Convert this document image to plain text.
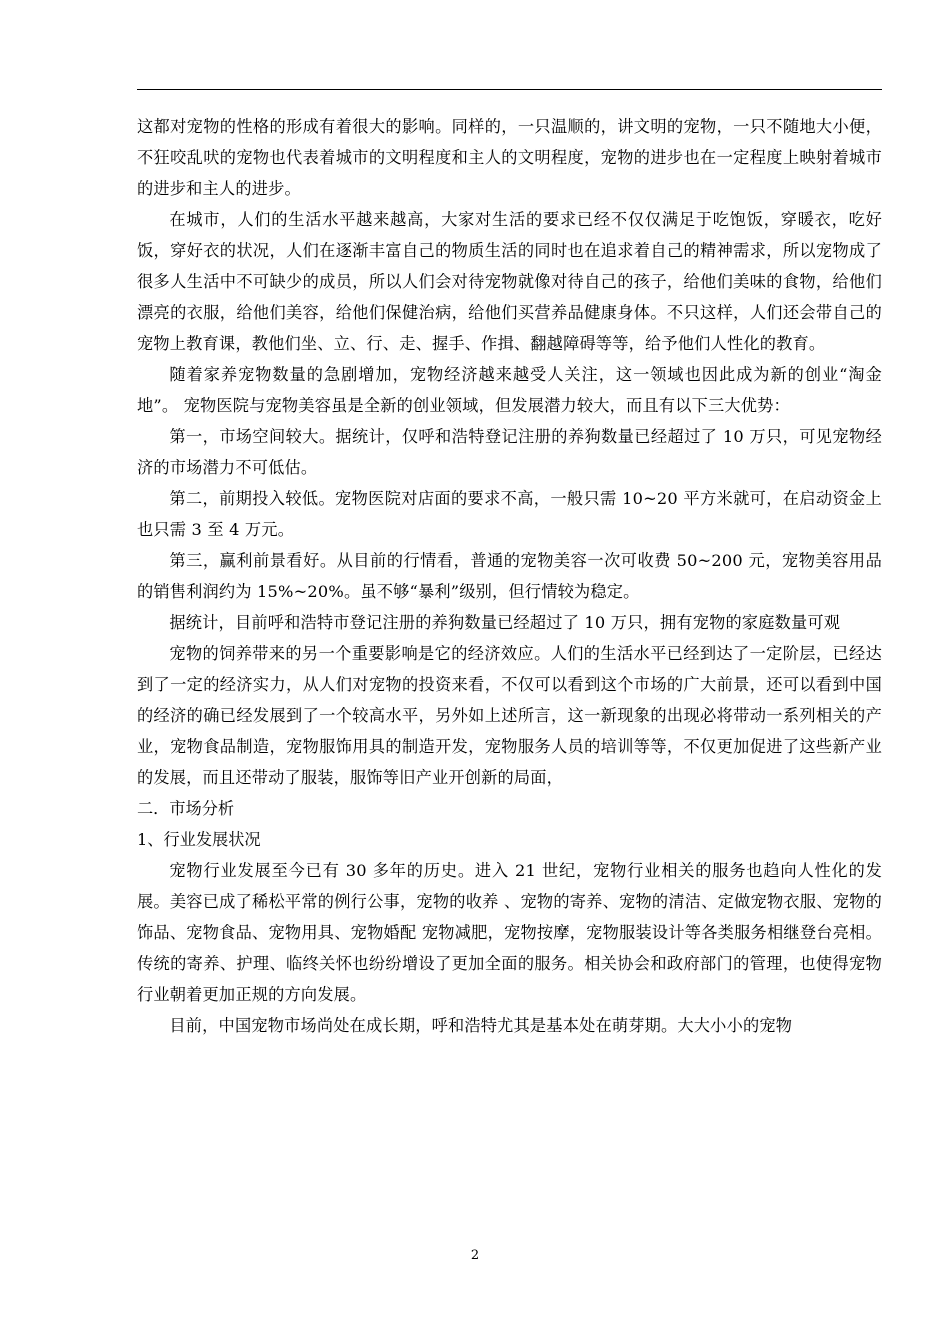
这都对宠物的性格的形成有着很大的影响。同样的，一只温顺的，讲文明的宠物，一只不随地大小便，不狂咬乱吠的宠物也代表着城市的文明程度和主人的文明程度，宠物的进步也在一定程度上映射着城市的进步和主人的进步。

在城市，人们的生活水平越来越高，大家对生活的要求已经不仅仅满足于吃饱饭，穿暖衣，吃好饭，穿好衣的状况，人们在逐渐丰富自己的物质生活的同时也在追求着自己的精神需求，所以宠物成了很多人生活中不可缺少的成员，所以人们会对待宠物就像对待自己的孩子，给他们美味的食物，给他们漂亮的衣服，给他们美容，给他们保健治病，给他们买营养品健康身体。不只这样，人们还会带自己的宠物上教育课，教他们坐、立、行、走、握手、作揖、翻越障碍等等，给予他们人性化的教育。

随着家养宠物数量的急剧增加，宠物经济越来越受人关注，这一领域也因此成为新的创业“淘金地”。 宠物医院与宠物美容虽是全新的创业领域，但发展潜力较大，而且有以下三大优势：

第一，市场空间较大。据统计，仅呼和浩特登记注册的养狗数量已经超过了 10 万只，可见宠物经济的市场潜力不可低估。

第二，前期投入较低。宠物医院对店面的要求不高，一般只需 10~20 平方米就可，在启动资金上也只需 3 至 4 万元。

第三，赢利前景看好。从目前的行情看，普通的宠物美容一次可收费 50~200 元，宠物美容用品的销售利润约为 15%~20%。虽不够“暴利”级别，但行情较为稳定。

据统计，目前呼和浩特市登记注册的养狗数量已经超过了 10 万只，拥有宠物的家庭数量可观

宠物的饲养带来的另一个重要影响是它的经济效应。人们的生活水平已经到达了一定阶层，已经达到了一定的经济实力，从人们对宠物的投资来看，不仅可以看到这个市场的广大前景，还可以看到中国的经济的确已经发展到了一个较高水平，另外如上述所言，这一新现象的出现必将带动一系列相关的产业，宠物食品制造，宠物服饰用具的制造开发，宠物服务人员的培训等等，不仅更加促进了这些新产业的发展，而且还带动了服装，服饰等旧产业开创新的局面，

二．市场分析

1、行业发展状况

宠物行业发展至今已有 30 多年的历史。进入 21 世纪，宠物行业相关的服务也趋向人性化的发展。美容已成了稀松平常的例行公事，宠物的收养 、宠物的寄养、宠物的清洁、定做宠物衣服、宠物的饰品、宠物食品、宠物用具、宠物婚配 宠物减肥，宠物按摩，宠物服装设计等各类服务相继登台亮相。传统的寄养、护理、临终关怀也纷纷增设了更加全面的服务。相关协会和政府部门的管理，也使得宠物行业朝着更加正规的方向发展。

目前，中国宠物市场尚处在成长期，呼和浩特尤其是基本处在萌芽期。大大小小的宠物

2
